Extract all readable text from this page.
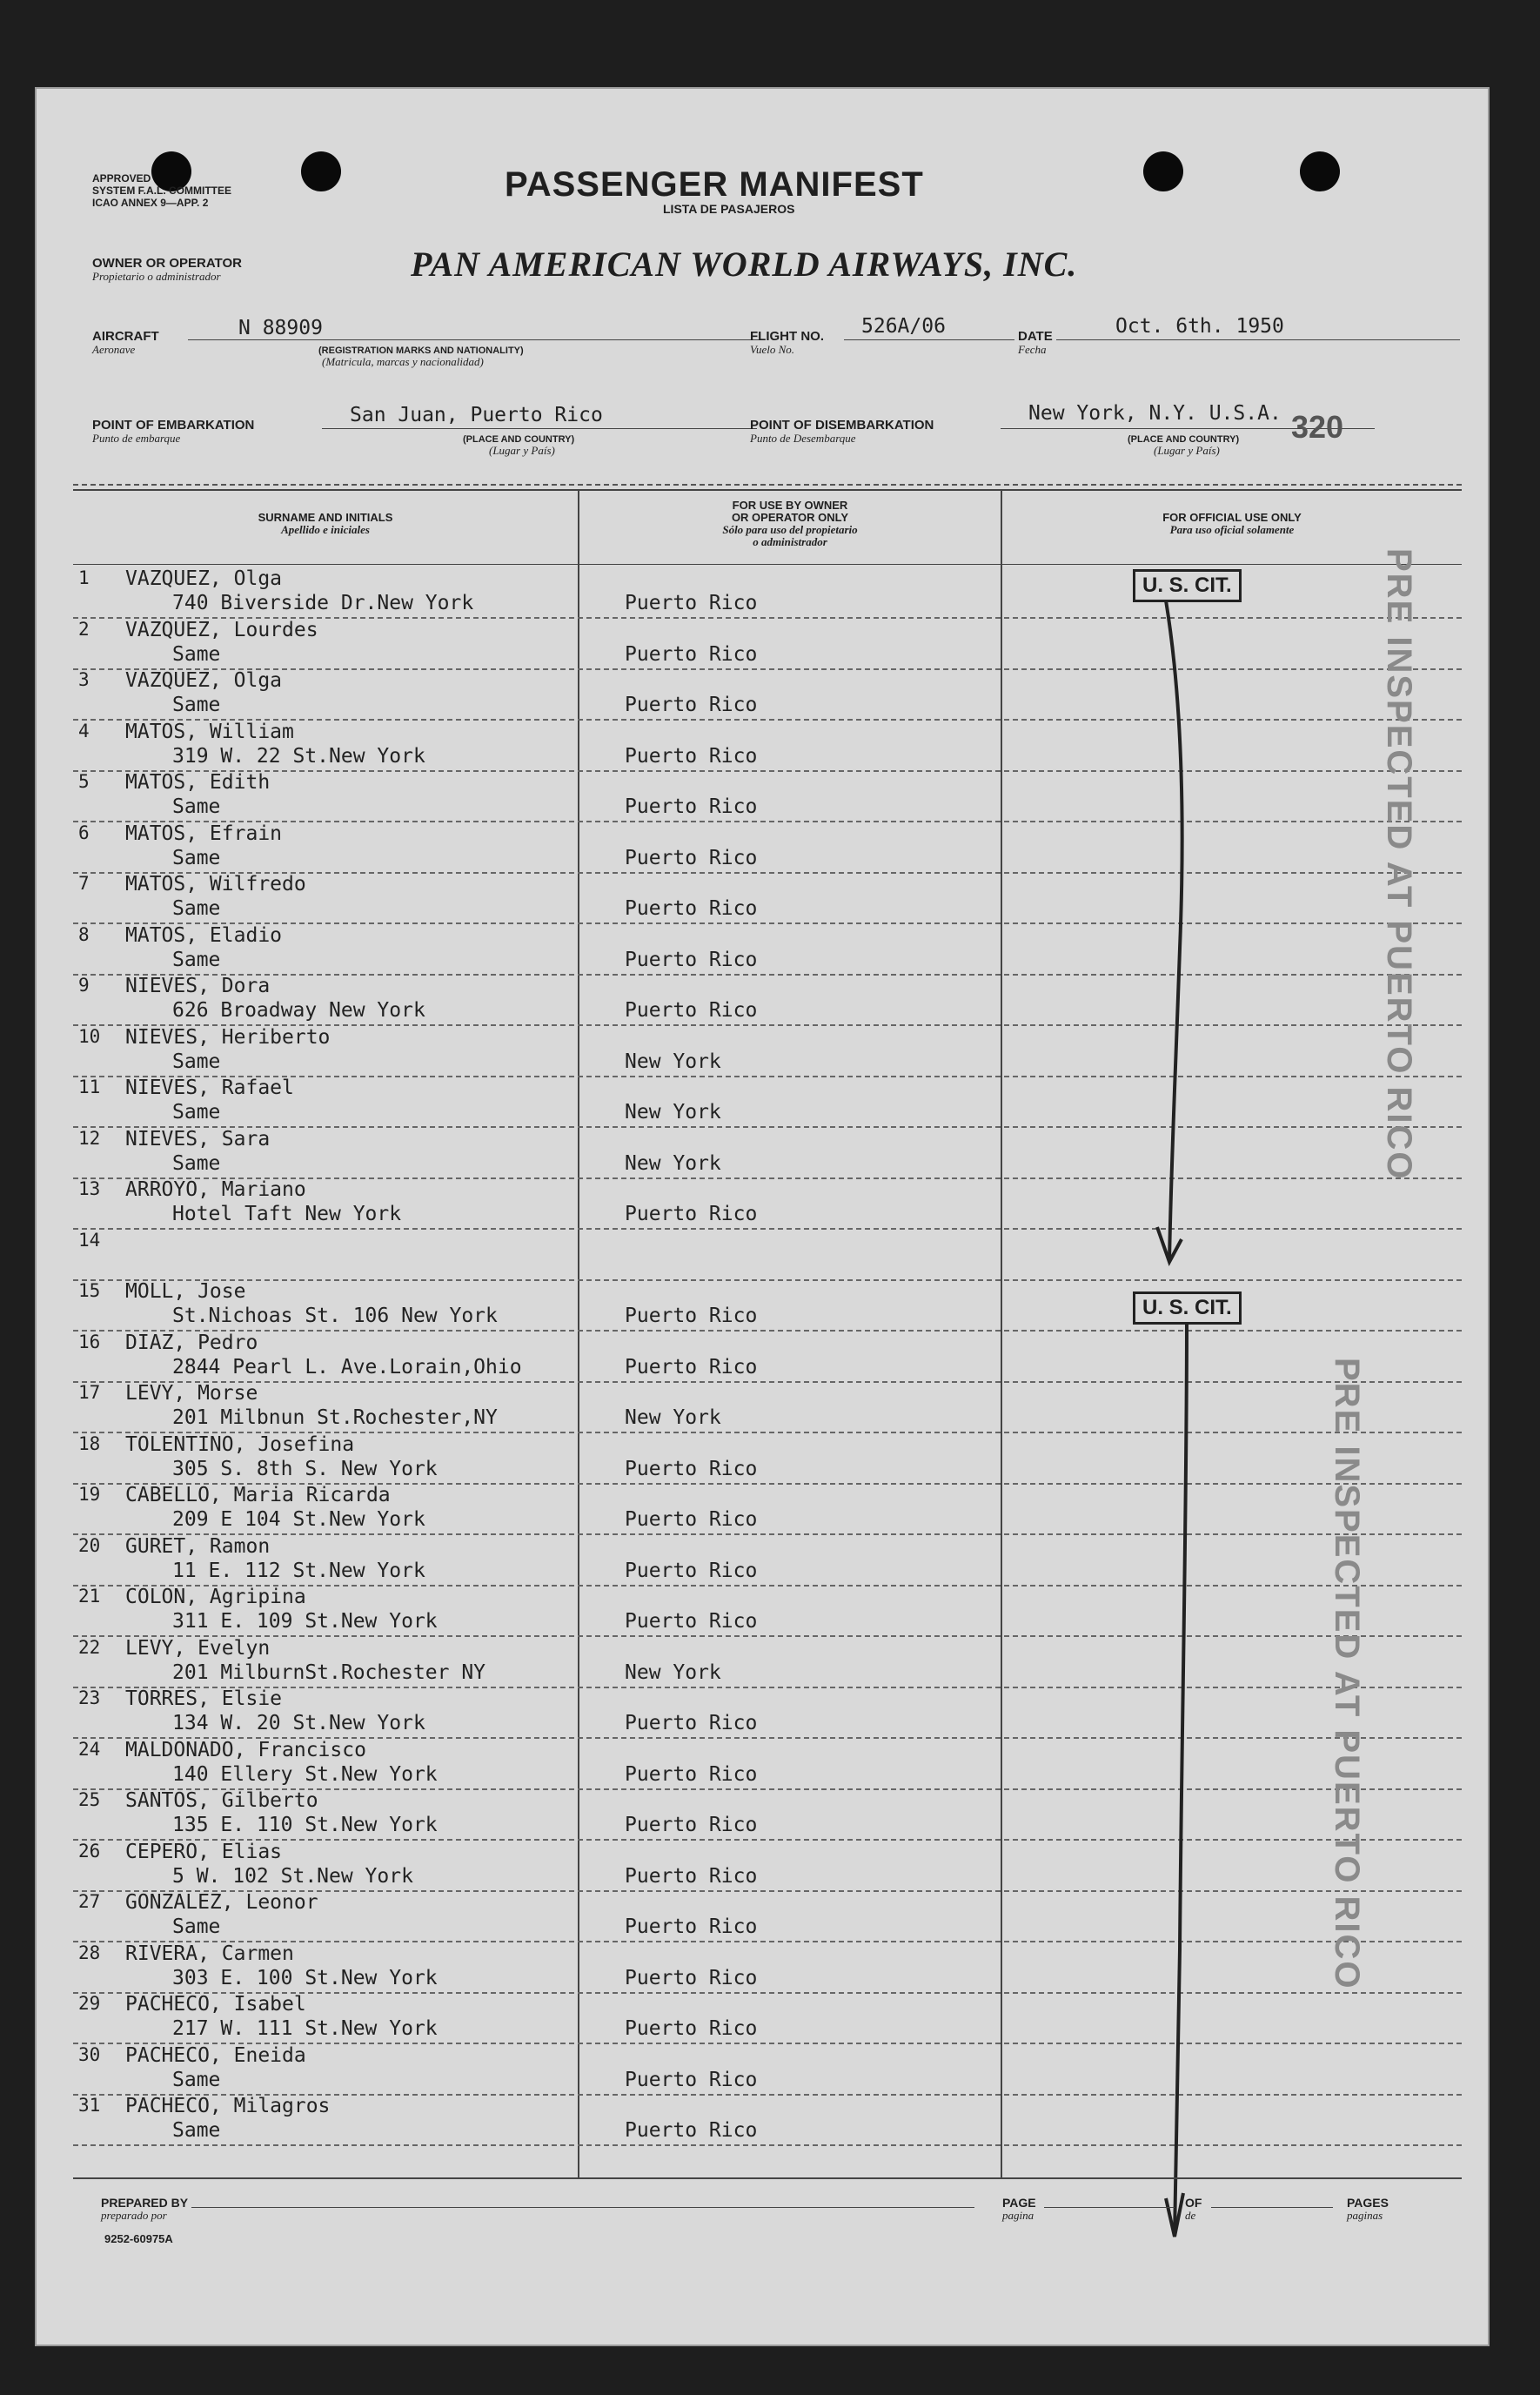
APPROVED
SYSTEM F.A.L. COMMITTEE
ICAO ANNEX 9—APP. 2	PASSENGER MANIFEST
LISTA DE PASAJEROS
OWNER OR OPERATOR
Propietario o administrador	PAN AMERICAN WORLD AIRWAYS, INC.
AIRCRAFT
Aeronave
N 88909
(REGISTRATION MARKS AND NATIONALITY)
(Matricula, marcas y nacionalidad)
FLIGHT NO.
Vuelo No.
526A/06	DATE
Fecha
Oct. 6th. 1950
POINT OF EMBARKATION
Punto de embarque
San Juan, Puerto Rico
(PLACE AND COUNTRY)
(Lugar y País)
POINT OF DISEMBARKATION
Punto de Desembarque
New York, N.Y. U.S.A.
(PLACE AND COUNTRY)
(Lugar y País)
320
SURNAME AND INITIALS
Apellido e iniciales
FOR USE BY OWNER
OR OPERATOR ONLY
Sólo para uso del propietario
o administrador
FOR OFFICIAL USE ONLY
Para uso oficial solamente
1 VAZQUEZ, Olga
740 Biverside Dr.New York	Puerto Rico
2 VAZQUEZ, Lourdes
Same	Puerto Rico
3 VAZQUEZ, Olga
Same	Puerto Rico
4 MATOS, William
319 W. 22 St.New York	Puerto Rico
5 MATOS, Edith
Same	Puerto Rico
6 MATOS, Efrain
Same	Puerto Rico
7 MATOS, Wilfredo
Same	Puerto Rico
8 MATOS, Eladio
Same	Puerto Rico
9 NIEVES, Dora
626 Broadway New York	Puerto Rico
10 NIEVES, Heriberto
Same	New York
11 NIEVES, Rafael
Same	New York
12 NIEVES, Sara
Same	New York
13 ARROYO, Mariano
Hotel Taft New York	Puerto Rico
14
15 MOLL, Jose
St.Nichoas St. 106 New York	Puerto Rico
16 DIAZ, Pedro
2844 Pearl L. Ave.Lorain,Ohio	Puerto Rico
17 LEVY, Morse
201 Milbnun St.Rochester,NY	New York
18 TOLENTINO, Josefina
305 S. 8th S. New York	Puerto Rico
19 CABELLO, Maria Ricarda
209 E 104 St.New York	Puerto Rico
20 GURET, Ramon
11 E. 112 St.New York	Puerto Rico
21 COLON, Agripina
311 E. 109 St.New York	Puerto Rico
22 LEVY, Evelyn
201 MilburnSt.Rochester NY	New York
23 TORRES, Elsie
134 W. 20 St.New York	Puerto Rico
24 MALDONADO, Francisco
140 Ellery St.New York	Puerto Rico
25 SANTOS, Gilberto
135 E. 110 St.New York	Puerto Rico
26 CEPERO, Elias
5 W. 102 St.New York	Puerto Rico
27 GONZALEZ, Leonor
Same	Puerto Rico
28 RIVERA, Carmen
303 E. 100 St.New York	Puerto Rico
29 PACHECO, Isabel
217 W. 111 St.New York	Puerto Rico
30 PACHECO, Eneida
Same	Puerto Rico
31 PACHECO, Milagros
Same	Puerto Rico
U. S. CIT.
U. S. CIT.
PRE INSPECTED AT PUERTO RICO
PRE INSPECTED AT PUERTO RICO
PREPARED BY
preparado por
PAGE
pagina
OF
de
PAGES
paginas
9252-60975A
